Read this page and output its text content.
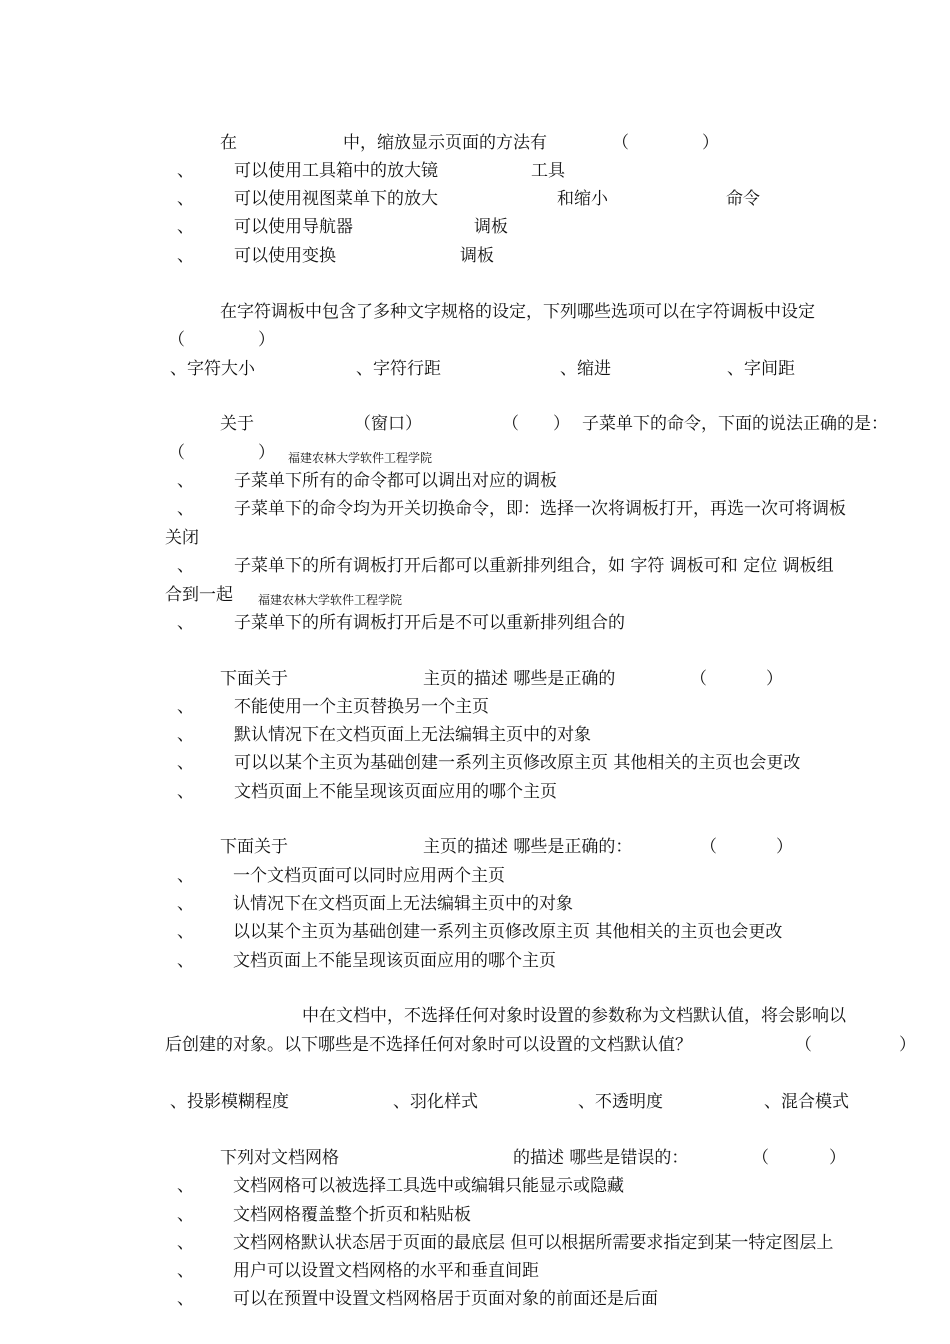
在	中，缩放显示页面的方法有	（	）
、 可以使用工具箱中的放大镜	工具
、 可以使用视图菜单下的放大	和缩小	命令
、 可以使用导航器	调板
、 可以使用变换	调板
在字符调板中包含了多种文字规格的设定，下列哪些选项可以在字符调板中设定
（	）
、字符大小	、字符行距	、缩进	、字间距
关于	（窗口）	（ ） 子菜单下的命令，下面的说法正确的是：
（	） 福建农林大学软件工程学院
、 子菜单下所有的命令都可以调出对应的调板
、 子菜单下的命令均为开关切换命令，即：选择一次将调板打开，再选一次可将调板
关闭
、 子菜单下的所有调板打开后都可以重新排列组合，如 字符 调板可和 定位 调板组
合到一起 福建农林大学软件工程学院
、 子菜单下的所有调板打开后是不可以重新排列组合的
下面关于	主页的描述 哪些是正确的	（	）
、 不能使用一个主页替换另一个主页
、 默认情况下在文档页面上无法编辑主页中的对象
、 可以以某个主页为基础创建一系列主页修改原主页 其他相关的主页也会更改
、 文档页面上不能呈现该页面应用的哪个主页
下面关于	主页的描述 哪些是正确的：	（	）
、 一个文档页面可以同时应用两个主页
、 认情况下在文档页面上无法编辑主页中的对象
、 以以某个主页为基础创建一系列主页修改原主页 其他相关的主页也会更改
、 文档页面上不能呈现该页面应用的哪个主页
中在文档中，不选择任何对象时设置的参数称为文档默认值，将会影响以
后创建的对象。以下哪些是不选择任何对象时可以设置的文档默认值？	（	）
、投影模糊程度	、羽化样式	、不透明度	、混合模式
下列对文档网格	的描述 哪些是错误的：	（	）
、 文档网格可以被选择工具选中或编辑只能显示或隐藏
、 文档网格覆盖整个折页和粘贴板
、 文档网格默认状态居于页面的最底层 但可以根据所需要求指定到某一特定图层上
、 用户可以设置文档网格的水平和垂直间距
、 可以在预置中设置文档网格居于页面对象的前面还是后面
